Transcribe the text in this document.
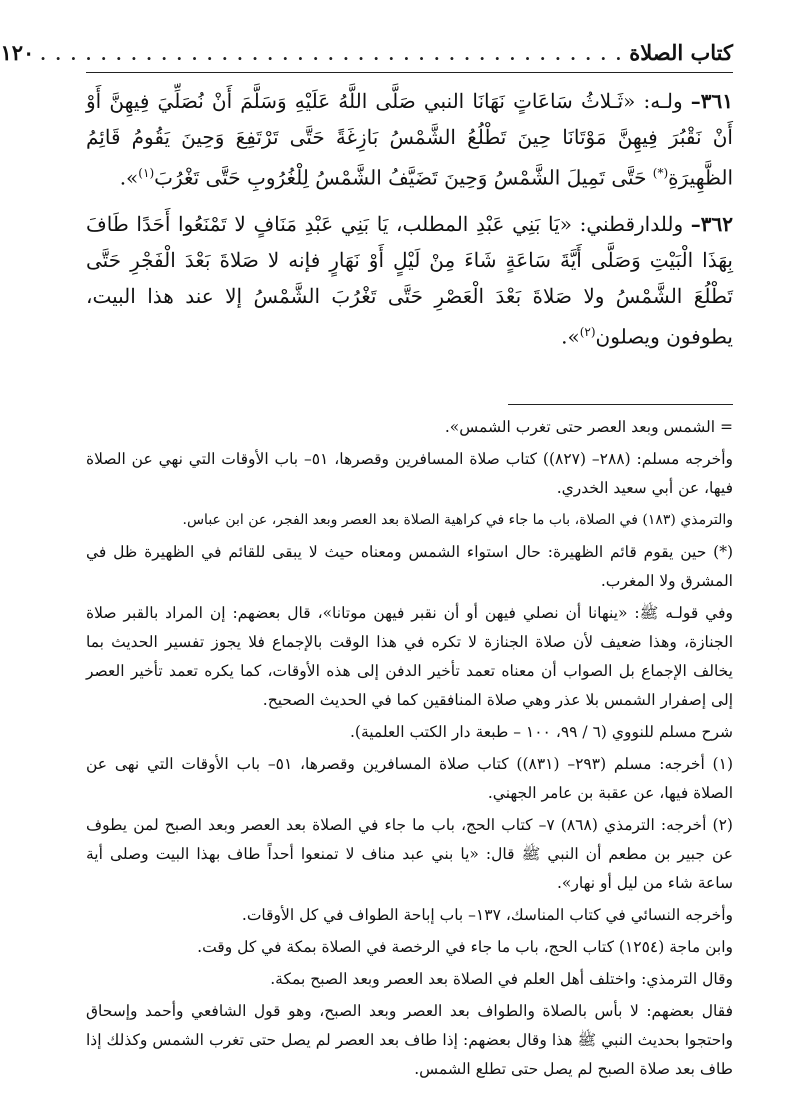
كتاب الصلاة
. . . . . . . . . . . . . . . . . . . . . . . . . . . . . . . . . . . . . . .
١٢٠

٣٦١– ولـه: «ثَـلاثُ سَاعَاتٍ نَهَانَا النبي صَلَّى اللَّهُ عَلَيْهِ وَسَلَّمَ أَنْ نُصَلِّيَ فِيهِنَّ أَوْ أَنْ نَقْبُرَ فِيهِنَّ مَوْتَانَا حِينَ تَطْلُعُ الشَّمْسُ بَازِغَةً حَتَّى تَرْتَفِعَ وَحِينَ يَقُومُ قَائِمُ الظَّهِيرَةِ(*) حَتَّى تَمِيلَ الشَّمْسُ وَحِينَ تَضَيَّفُ الشَّمْسُ لِلْغُرُوبِ حَتَّى تَغْرُبَ$^{(١)}$».

٣٦٢– وللدارقطني: «يَا بَنِي عَبْدِ المطلب، يَا بَنِي عَبْدِ مَنَافٍ لا تَمْنَعُوا أَحَدًا طَافَ بِهَذَا الْبَيْتِ وَصَلَّى أَيَّةَ سَاعَةٍ شَاءَ مِنْ لَيْلٍ أَوْ نَهَارٍ فإنه لا صَلاةَ بَعْدَ الْفَجْرِ حَتَّى تَطْلُعَ الشَّمْسُ ولا صَلاةَ بَعْدَ الْعَصْرِ حَتَّى تَغْرُبَ الشَّمْسُ إلا عند هذا البيت، يطوفون ويصلون$^{(٢)}$».

= الشمس وبعد العصر حتى تغرب الشمس».

وأخرجه مسلم: (٢٨٨– (٨٢٧)) كتاب صلاة المسافرين وقصرها، ٥١– باب الأوقات التي نهي عن الصلاة فيها، عن أبي سعيد الخدري.

والترمذي (١٨٣) في الصلاة، باب ما جاء في كراهية الصلاة بعد العصر وبعد الفجر، عن ابن عباس.

(*) حين يقوم قائم الظهيرة: حال استواء الشمس ومعناه حيث لا يبقى للقائم في الظهيرة ظل في المشرق ولا المغرب.

وفي قولـه ﷺ: «ينهانا أن نصلي فيهن أو أن نقبر فيهن موتانا»، قال بعضهم: إن المراد بالقبر صلاة الجنازة، وهذا ضعيف لأن صلاة الجنازة لا تكره في هذا الوقت بالإجماع فلا يجوز تفسير الحديث بما يخالف الإجماع بل الصواب أن معناه تعمد تأخير الدفن إلى هذه الأوقات، كما يكره تعمد تأخير العصر إلى إصفرار الشمس بلا عذر وهي صلاة المنافقين كما في الحديث الصحيح.

شرح مسلم للنووي (٦ / ٩٩، ١٠٠ – طبعة دار الكتب العلمية).

(١) أخرجه: مسلم (٢٩٣– (٨٣١)) كتاب صلاة المسافرين وقصرها، ٥١– باب الأوقات التي نهى عن الصلاة فيها، عن عقبة بن عامر الجهني.

(٢) أخرجه: الترمذي (٨٦٨) ٧– كتاب الحج، باب ما جاء في الصلاة بعد العصر وبعد الصبح لمن يطوف عن جبير بن مطعم أن النبي ﷺ قال: «يا بني عبد مناف لا تمنعوا أحداً طاف بهذا البيت وصلى أية ساعة شاء من ليل أو نهار».

وأخرجه النسائي في كتاب المناسك، ١٣٧– باب إباحة الطواف في كل الأوقات.

وابن ماجة (١٢٥٤) كتاب الحج، باب ما جاء في الرخصة في الصلاة بمكة في كل وقت.

وقال الترمذي: واختلف أهل العلم في الصلاة بعد العصر وبعد الصبح بمكة.

فقال بعضهم: لا بأس بالصلاة والطواف بعد العصر وبعد الصبح، وهو قول الشافعي وأحمد وإسحاق واحتجوا بحديث النبي ﷺ هذا وقال بعضهم: إذا طاف بعد العصر لم يصل حتى تغرب الشمس وكذلك إذا طاف بعد صلاة الصبح لم يصل حتى تطلع الشمس.
